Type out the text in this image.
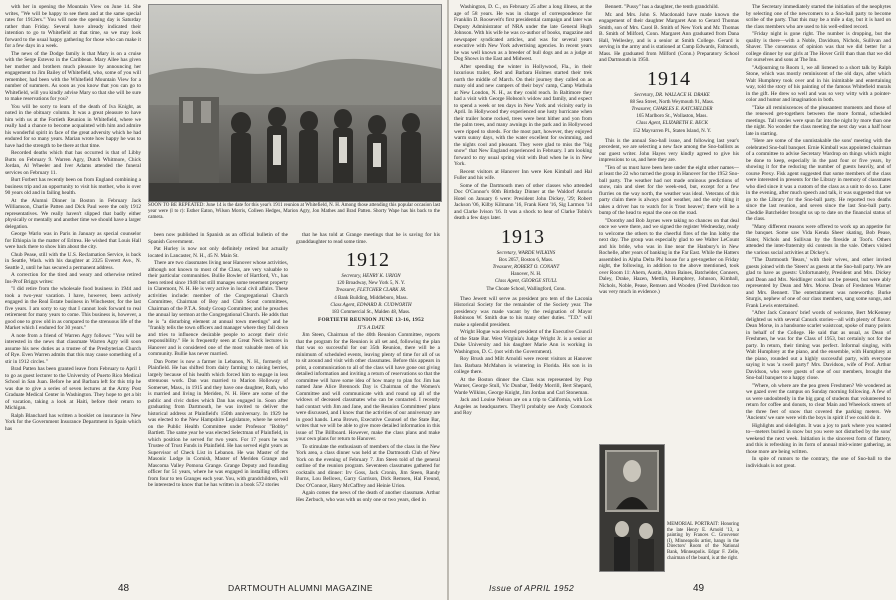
with her in opening the Mountain View on June 14. She writes, "We will be happy to see them and at the same special rates for 1912ers." You will note the opening day is Saturday rather than Friday. Several have already indicated their intention to go to Whitefield at that time, so we may look forward to the usual happy gathering for those who can make it for a few days in a week.

The news of the Dodge family is that Mary is on a cruise with the Serge Estevez in the Caribbean. Mary Allee has given her mother and brothers much pleasure by announcing her engagement to Jim Bailey of Whitefield, who, some of you will remember, had been with the Whitefield Mountain View for a number of summers. As soon as you know that you can go to Whitefield, will you kindly advise Mary so that she will be sure to make reservations for you?

You will be sorry to learn of the death of Iva Knight, as noted in the obituary column. It was a great pleasure to have him with us at the Fortieth Reunion in Whitefield, where we really had a chance to become acquainted with him and admire his wonderful spirit in face of the great adversity which he had endured for so many years. Marian wrote how happy he was to have had the strength to be there at that time.

Recorded deaths which that has occurred is that of Libby Butts on February 9. Warren Agry, Dutch Whitmore, Chick Jordan, Al Wheeler and Iver Adams attended the funeral services on February 11.

Burt Forbert has recently been on from England combining a business trip and an opportunity to visit his mother, who is over 90 years old and in failing health.

At the Alumni Dinner in Boston in February Jack Williamson, Charlie Patten and Dick Paul were the only 1912 representatives. We really haven't slipped that badly either physically or mentally and another time we should have a larger delegation.

George Warlo was in Paris in January as special counselor for Ethiopia in the matter of Eritrea. He wished that Louis Hall were back there to show him about the city.

Chub Pease, still with the U.S. Reclamation Service, is back in Seattle, Wash. with his daughter at 2325 Everett Ave., N. Seattle 2, until he has secured a permanent address.

A correction for the tired and weary and otherwise retired Ins-Prof Briggs writes:

"I did retire from the wholesale food business in 1944 and took a two-year vacation. I have, however, been actively engaged in the Real Estate business in Winchester, for the last five years. I am sorry to say that I cannot look forward to real retirement for many years to come. This business is, however, a good one to grow old in as compared to the strenuous life of the Market which I endured for 30 years."

A note from a friend of Warren Agry follows: "You will be interested in the news that classmate Warren Agry will soon assume his new duties as a trustee of the Presbyterian Church of Rye. Even Warren admits that this may cause something of a stir in 1912 circles."

Brad Patten has been granted leave from February to April 1 to go as guest lecturer to the University of Puerto Rico Medical School in San Juan. Before he and Barbara left for this trip he was due to give a series of seven lectures at the Army Post Graduate Medical Center in Washington. They hope to get a bit of vacation, taking a look at Haiti, before their return to Michigan.

Ralph Blanchard has written a booklet on insurance in New York for the Government Insurance Department in Spain which has

SOON TO BE REPEATED: June 14 is the date for this year's 1911 reunion at Whitefield, N. H. Among those attending this popular occasion last year were (l to r): Esther Eaton, Wilson Morris, Colleen Hedges, Marion Agry, Jon Mathes and Brad Patten. Shorty Wape has his back to the camera.

been now published in Spanish as an official bulletin of the Spanish Government.

Pat Hurley is now not only definitely retired but actually located in Lancaster, N. H., 45 N. Main St.

There are two classmates living near Hanover whose activities, although not known to most of the Class, are very valuable to their particular communities. Bullie Bowler of Hartford, Vt., has been retired since 1948 but still manages some tenement property in Claremont, N. H. He is very active in local civil affairs. These activities include: member of the Congregational Church Committee, Chairman of Boy and Club Scout committees, Chairman of the P.T.A. Study Group Committee; and he preaches the annual lay sermon at the Congregational Church. He adds that he is "a disturbing element at annual town meetings" and he "frankly tells the town officers and manager where they fall down and tries to influence desirable people to accept their civic responsibility." He is frequently seen at Great Neck lectures in Hanover and is considered one of the most valuable men of his community. Bullie has never married.

Dan Porter is now a farmer in Lebanon, N. H., formerly of Plainfield. He has shifted from dairy farming to raising berries, largely because of his health which forced him to engage in less strenuous work. Dan was married to Marion Holloway of Somerset, Mass., in 1915 and they have one daughter, Ruth, who is married and living in Meriden, N. H. Here are some of the public and civic duties which Dan has engaged in. Soon after graduating from Dartmouth, he was invited to deliver the historical address at Plainfield's 150th anniversary. In 1929 he was elected to the New Hampshire Legislature, where he served on the Public Health Committee under Professor "Bobby" Bartlett. The same year he was elected Selectman of Plainfield, in which position he served for two years. For 17 years he was Trustee of Trust Funds in Plainfield. He has served eight years as Supervisor of Check List in Lebanon. He was Master of the Masonic Lodge in Cornish, Master of Meriden Grange and Mascoma Valley Pomona Grange. Grange Deputy and founding officer for 51 years, where he was engaged in installing officers from four to ten Granges each year. You, with grandchildren, will be interested to know that he has written in a book 572 stories

that he has told at Grange meetings that he is saving for his granddaughter to read some time.

1912

Secretary, HENRY K. URION

120 Broadway, New York 5, N. Y.

Treasurer, FLETCHER CLARK JR.

4 Bank Building, Middleboro, Mass.

Class Agent, EDWARD B. CUDWORTH

183 Commercial St., Malden 48, Mass.

FORTIETH REUNION JUNE 13-16, 1952

IT'S A DATE

Jim Steen, Chairman of the 40th Reunion Committee, reports that the program for the Reunion is all set and, following the plan that was so successful for our 35th Reunion, there will be a minimum of scheduled events, leaving plenty of time for all of us to sit around and visit with other classmates. Before this appears in print, a communication to all of the class will have gone out giving detailed information and inviting a return of reservations so that the committee will have some idea of how many to plan for. Jim has named Jane Alice Brennock Day is Chairman of the Women's Committee and will communicate with and round up all of the widows of deceased classmates who can be contacted. I recently had contact with Jim and Jane, and the Reunion Committees' plans were discussed, and I know that the activities of our anniversary are in good hands. Lena Brown, Executive Counsel of the State Bar, writes that we will be able to give more detailed information in this issue of The Billboard. However, make the class plans and make your own plans for return to Hanover.

To stimulate the enthusiasm of members of the class in the New York area, a class dinner was held at the Dartmouth Club of New York on the evening of February 7. Jim Steen told of the general outline of the reunion program. Seventeen classmates gathered for cocktails and dinner: Irv Goss, Jack Cronin, Jim Steen, Randy Burns, Lou Bellows, Garry Garrison, Dick Remsen, Hal Freund, Doc O'Connor, Harry McCaffrey and Heinie Urion.

Again comes the news of the death of another classmate. Arthur Hes Zerbuch, who was with us only one or two years, died in

48	DARTMOUTH ALUMNI MAGAZINE

Washington, D. C., on February 25 after a long illness, at the age of 58 years. He was in charge of correspondence for Franklin D. Roosevelt's first presidential campaign and later was Deputy Administrator of NRA under the late General Hugh Johnson. With his wife he was co-author of books, magazine and newspaper syndicated articles, and was for several years executive with New York advertising agencies. In recent years he was well known as a breeder of bull dogs and as a judge at Dog Shows in the East and Midwest.

After spending the winter in Hollywood, Fla., in their luxurious trailer, Red and Barbara Holmes started their trek north the middle of March. On their journey they called on as many old and new campers of their boys' camp, Camp Wathula at New London, N. H., as they could reach. In Baltimore they had a visit with George Hobson's widow and family, and expect to spend a week or ten days in New York and vicinity early in April. In Hollywood they experienced one lusty hurricane when their trailer home rocked, trees were bent hither and yon from the palm trees, and many awnings in the park and in Hollywood were ripped to shreds. For the most part, however, they enjoyed warm sunny days, with the water excellent for swimming, and the nights cool and pleasant. They were glad to miss the "big snow" that New England experienced in February. I am looking forward to my usual spring visit with Bud when he is in New York.

Recent visitors at Hanover Inn were Ken Kimball and Hal Fuller and his wife.

Some of the Dartmouth men of other classes who attended Doc O'Connor's 60th Birthday Dinner at the Waldorf Astoria Hotel on January 6 were: President John Dickey, '29; Robert Jackson '06, Kilby Kilmann '16, Frank Kent '16, Sig Larmon '14 and Clarke Ivison '16. It was a shock to hear of Clarke Tobin's death a few days later.

1913

Secretary, WARDE WILKINS

Box 2057, Boston 6, Mass.

Treasurer, ROBERT O. CONANT

Hanover, N. H.

Class Agent, GEORGE STULL

The Choate School, Wallingford, Conn.

Theo Jewett will serve as president pro tem of the Laconia Historical Society for the remainder of the Society year. The presidency was made vacant by the resignation of Mayor Robinson W. Smith due to his many other duties. "T.D." will make a splendid president.

Wright Hogue was elected president of the Executive Council of the State Bar. West Virginia's Judge Wright Jr. is a senior at Duke University and his daughter Marie Ann is working in Washington, D. C. (not with the Government).

Roy Brush and Milt Arnoldi were recent visitors at Hanover Inn. Barbara McMahon is wintering in Florida. His son is in college there.

At the Boston dinner the Class was represented by Pop Warner, George Stull, Vic Dunbar, Teddy Morrill, Bert Shepard, Warde Wilkins, George Knight, Jim Jordan and Carl Stoneman.

Jack and Louise Nelson are on a trip to California, with Los Angeles as headquarters. They'll probably see Andy Comstock and Roy

Bennett. "Pussy" has a daughter, the tenth grandchild.

Mr. and Mrs. John S. Macdonald have made known the engagement of their daughter Margaret Ann to Gerard Thomas Smith, son of Mrs. Carol B. Smith of New York and Mr. Thomas B. Smith of Milford, Conn. Margaret Ann graduated from Dana Hall, Wellesley, and is a senior at Smith College. Gerard is serving in the army and is stationed at Camp Edwards, Falmouth, Mass. He graduated from Milford (Conn.) Preparatory School and Dartmouth in 1950.

1914

Secretary, DR. WALLACE H. DRAKE

88 Sea Street, North Weymouth 91, Mass.

Treasurer, CHARLES E. KATCHELDER

165 Marlboro St., Wollaston, Mass.

Class Agent, ELIZABETH E. BECK

152 Mayvarren Pl., Staten Island, N. Y.

This is the annual Sno-ball issue, and following last year's precedent, we are selecting a new face among the Sno-ballists as our guest writer. John Hayes very kindly agreed to give his impressions to us, and here they are.

"Ten of us must have been here under the eight other names—at least the 22 who turned the group in Hanover for the 1952 Sno-ball party. The weather had not made ominous predictions of snow, rain and sleet for the week-end, but, except for a few flurries on the way north, the weather was ideal. Veterans of this party claim there is always good weather, and the only thing it takes a driver has to watch for is 'frost heaves'; there will be a bump of the head to equal the one on the road.

"Dorothy and Bob Jaynes were taking no chances on that deal once we were there, and we signed the register Wednesday, ready to welcome the others to the cheerful fires of the Inn lobby the next day. The group was especially glad to see Walter LeCount and his bride, who was in line near the Hanbury's in New Rochelle, after years of banking in the Far East. While the Hatters assembled in Alpha Delta Phi house for a get-together on Friday night, the following, in addition to the above mentioned, took over Room 11: Ahern, Austin, Alton Baines, Batchelder, Conners, Daley, Drake, Hazen, Mettlin, Humphrey, Johnson, Kimball, Nichols, Noble, Pease, Remsen and Wooden (Fred Davidson too was very much in evidence.)

MEMORIAL PORTRAIT: Honoring the late Henry E. Arnold '13, a painting by Frances C. Grosvenor (I), Minneapolis artist, hangs in the Directors' Room of the National Bank, Minneapolis. Edgar F. Zelle, chairman of the board, is at the right.

The Secretary immediately started the initiation of the neophytes by selecting one of the newcomers to a Sno-ball party to become scribe of the party. That this may be a mile a day, but it is hard on the class members who are used to his well-edited record.

"Friday night is gone right. The number is dropping, but the quality is there—with a Noble, Davidson, Nichols, Sullivan and Shaver. The consensus of opinion was that we did better for a college dinner by our girls at The Hover Grill than than that we did for ourselves and sons at The Inn.

"Adjourning to Room 1, we all listened to a short talk by Ralph Stone, which was mostly reminiscent of the old days, after which Walt Humphrey took over and in his inimitable and entertaining way, told the story of his painting of the famous Whitefield murals in the gift. He drew so well and was so very witty with a pointer-color and humor and imagination in both.

"Take all reminiscences of the pleasantest moments and those of the renewed get-togethers between the more formal, scheduled meetings. Tall stories were spun far into the night by more than one the night. No wonder the class meeting the next day was a half hour late in starting.

"Here are some of the unmistakable the sons' meeting with the celebrated Sno-ball banquet. Ernie Kimball was appointed chairman of a committee to advise Secretary Wardrop on things which might be done to keep, especially in the past four or five years, by showing it for the reducing the number of guests heavily, and of course Prexy. Fisk agent suggested that some members of the class were interested in presents for the Library in memory of classmates who died since it was a custom of the class as a unit to do so. Later in the evening, after much speech and talk, it was suggested that we go to the Library for the Sno-ball party. He reported two deaths since the last reunion, and seven since the last Sno-ball party. Cheddie Batchelder brought us up to date on the financial status of the class.

"Many different reasons were offered to work up an appetite for the banquet. Some saw Vida Kenda Sheer skating, Bob Pease, Slater, Nichols and Sullivan by the fireside at Toot's. Others attended the inter-fraternity ski contests in the vale. Others visited the various social activities at Dickey's.

"The Dartmouth 'Bears,' with their wives, and other invited guests joined with the 'Steers' as guests at the Sno-ball party. We are glad to have as guests: Unfortunately, President and Mrs. Dickey and Dean and Mrs. Neidlinger could not be present, but were ably represented by Dean and Mrs. Morse. Dean of Freshmen Warner and Mrs. Bennett. The entertainment was noteworthy. Burke Sturgis, nephew of one of our class members, sang some songs, and Frank Lewis entertained.

"After Jack Connors' brief words of welcome, Bert McKenney delighted us with several Canuck stories—all with plenty of flavor. Dean Morse, in a handsome scarlet waistcoat, spoke of many points in behalf of the College. He said that as usual, as Dean of Freshmen, he was for the Class of 1953, but certainly not for the party. In return, their timing was perfect. Informal singing, with Walt Humphrey at the piano, and the ensemble, with Humphrey at the piano, rounded out a highly successful party, with everyone saying it was 'a swell party!' Mrs. Davidson, wife of Prof. Arthur Davidson, who were guests of one of our members, brought the Sno-ball banquet to a happy close.

"Where, oh where are the pea green Freshmen? We wondered as we gazed over the campus on Sunday morning following. A few of us were undoubtedly in the big gang of students that volunteered to return for coffee and donuts, to clear Main and Wheelock streets of the three feet of snow that covered the parking meters. We 'Ancients' we sure were with the boys in spirit if we could do it.

Highlights and sidelights. It was a joy to park where you wanted to—meters buried in snow but you were not disturbed by the sons' weekend the next week. Initiation is the sincerest form of flattery, and this is refreshing in its form of annual mid-winter gathering, as those more are being written.

In spite of rumors to the contrary, the one of Sno-ball to the individuals is not great.

Issue of APRIL 1952	49
